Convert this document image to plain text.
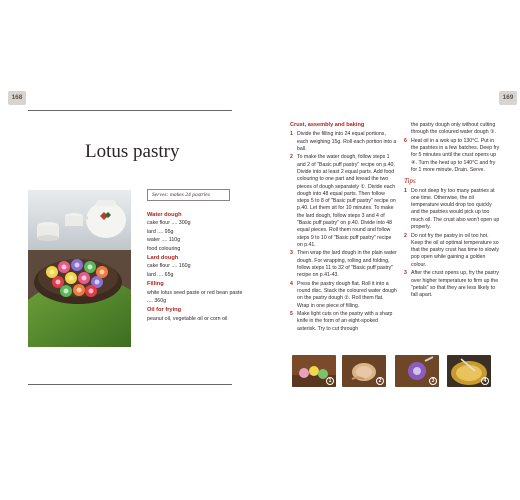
168	169
Lotus pastry
Serves: makes 24 pastries
Water dough
cake flour .... 300g
lard .... 95g
water .... 110g
food colouring
Lard dough
cake flour .... 160g
lard .... 65g
Filling
white lotus seed paste or red bean paste .... 360g
Oil for frying
peanut oil, vegetable oil or corn oil
Crust, assembly and baking
1 Divide the filling into 24 equal portions, each weighing 15g. Roll each portion into a ball.
2 To make the water dough, follow steps 1 and 2 of "Basic puff pastry" recipe on p.40. Divide into at least 2 equal parts. Add food colouring to one part and knead the two pieces of dough separately ①. Divide each dough into 48 equal parts. Then follow steps 5 to 8 of "Basic puff pastry" recipe on p.40. Let them sit for 10 minutes. To make the lard dough, follow steps 3 and 4 of "Basic puff pastry" on p.40. Divide into 48 equal pieces. Roll them round and follow steps 9 to 10 of "Basic puff pastry" recipe on p.41.
3 Then wrap the lard dough in the plain water dough. For wrapping, rolling and folding, follow steps 11 to 32 of "Basic puff pastry" recipe on p.41-43.
4 Press the pastry dough flat. Roll it into a round disc. Stack the coloured water dough on the pastry dough ②. Roll them flat. Wrap in one piece of filling.
5 Make light cuts on the pastry with a sharp knife in the form of an eight-spoked asterisk. Try to cut through
the pastry dough only without cutting through the coloured water dough ③.
6 Heat oil in a wok up to 130°C. Put in the pastries in a few batches. Deep fry for 5 minutes until the crust opens up ④. Turn the heat up to 140°C and fry for 1 more minute. Drain. Serve.
Tips
1 Do not deep fry too many pastries at one time. Otherwise, the oil temperature would drop too quickly and the pastries would pick up too much oil. The crust also won't open up properly.
2 Do not fry the pastry in oil too hot. Keep the oil at optimal temperature so that the pastry crust has time to slowly pop open while gaining a golden colour.
3 After the crust opens up, fry the pastry over higher temperature to firm up the "petals" so that they are less likely to fall apart.
1	2	3	4
